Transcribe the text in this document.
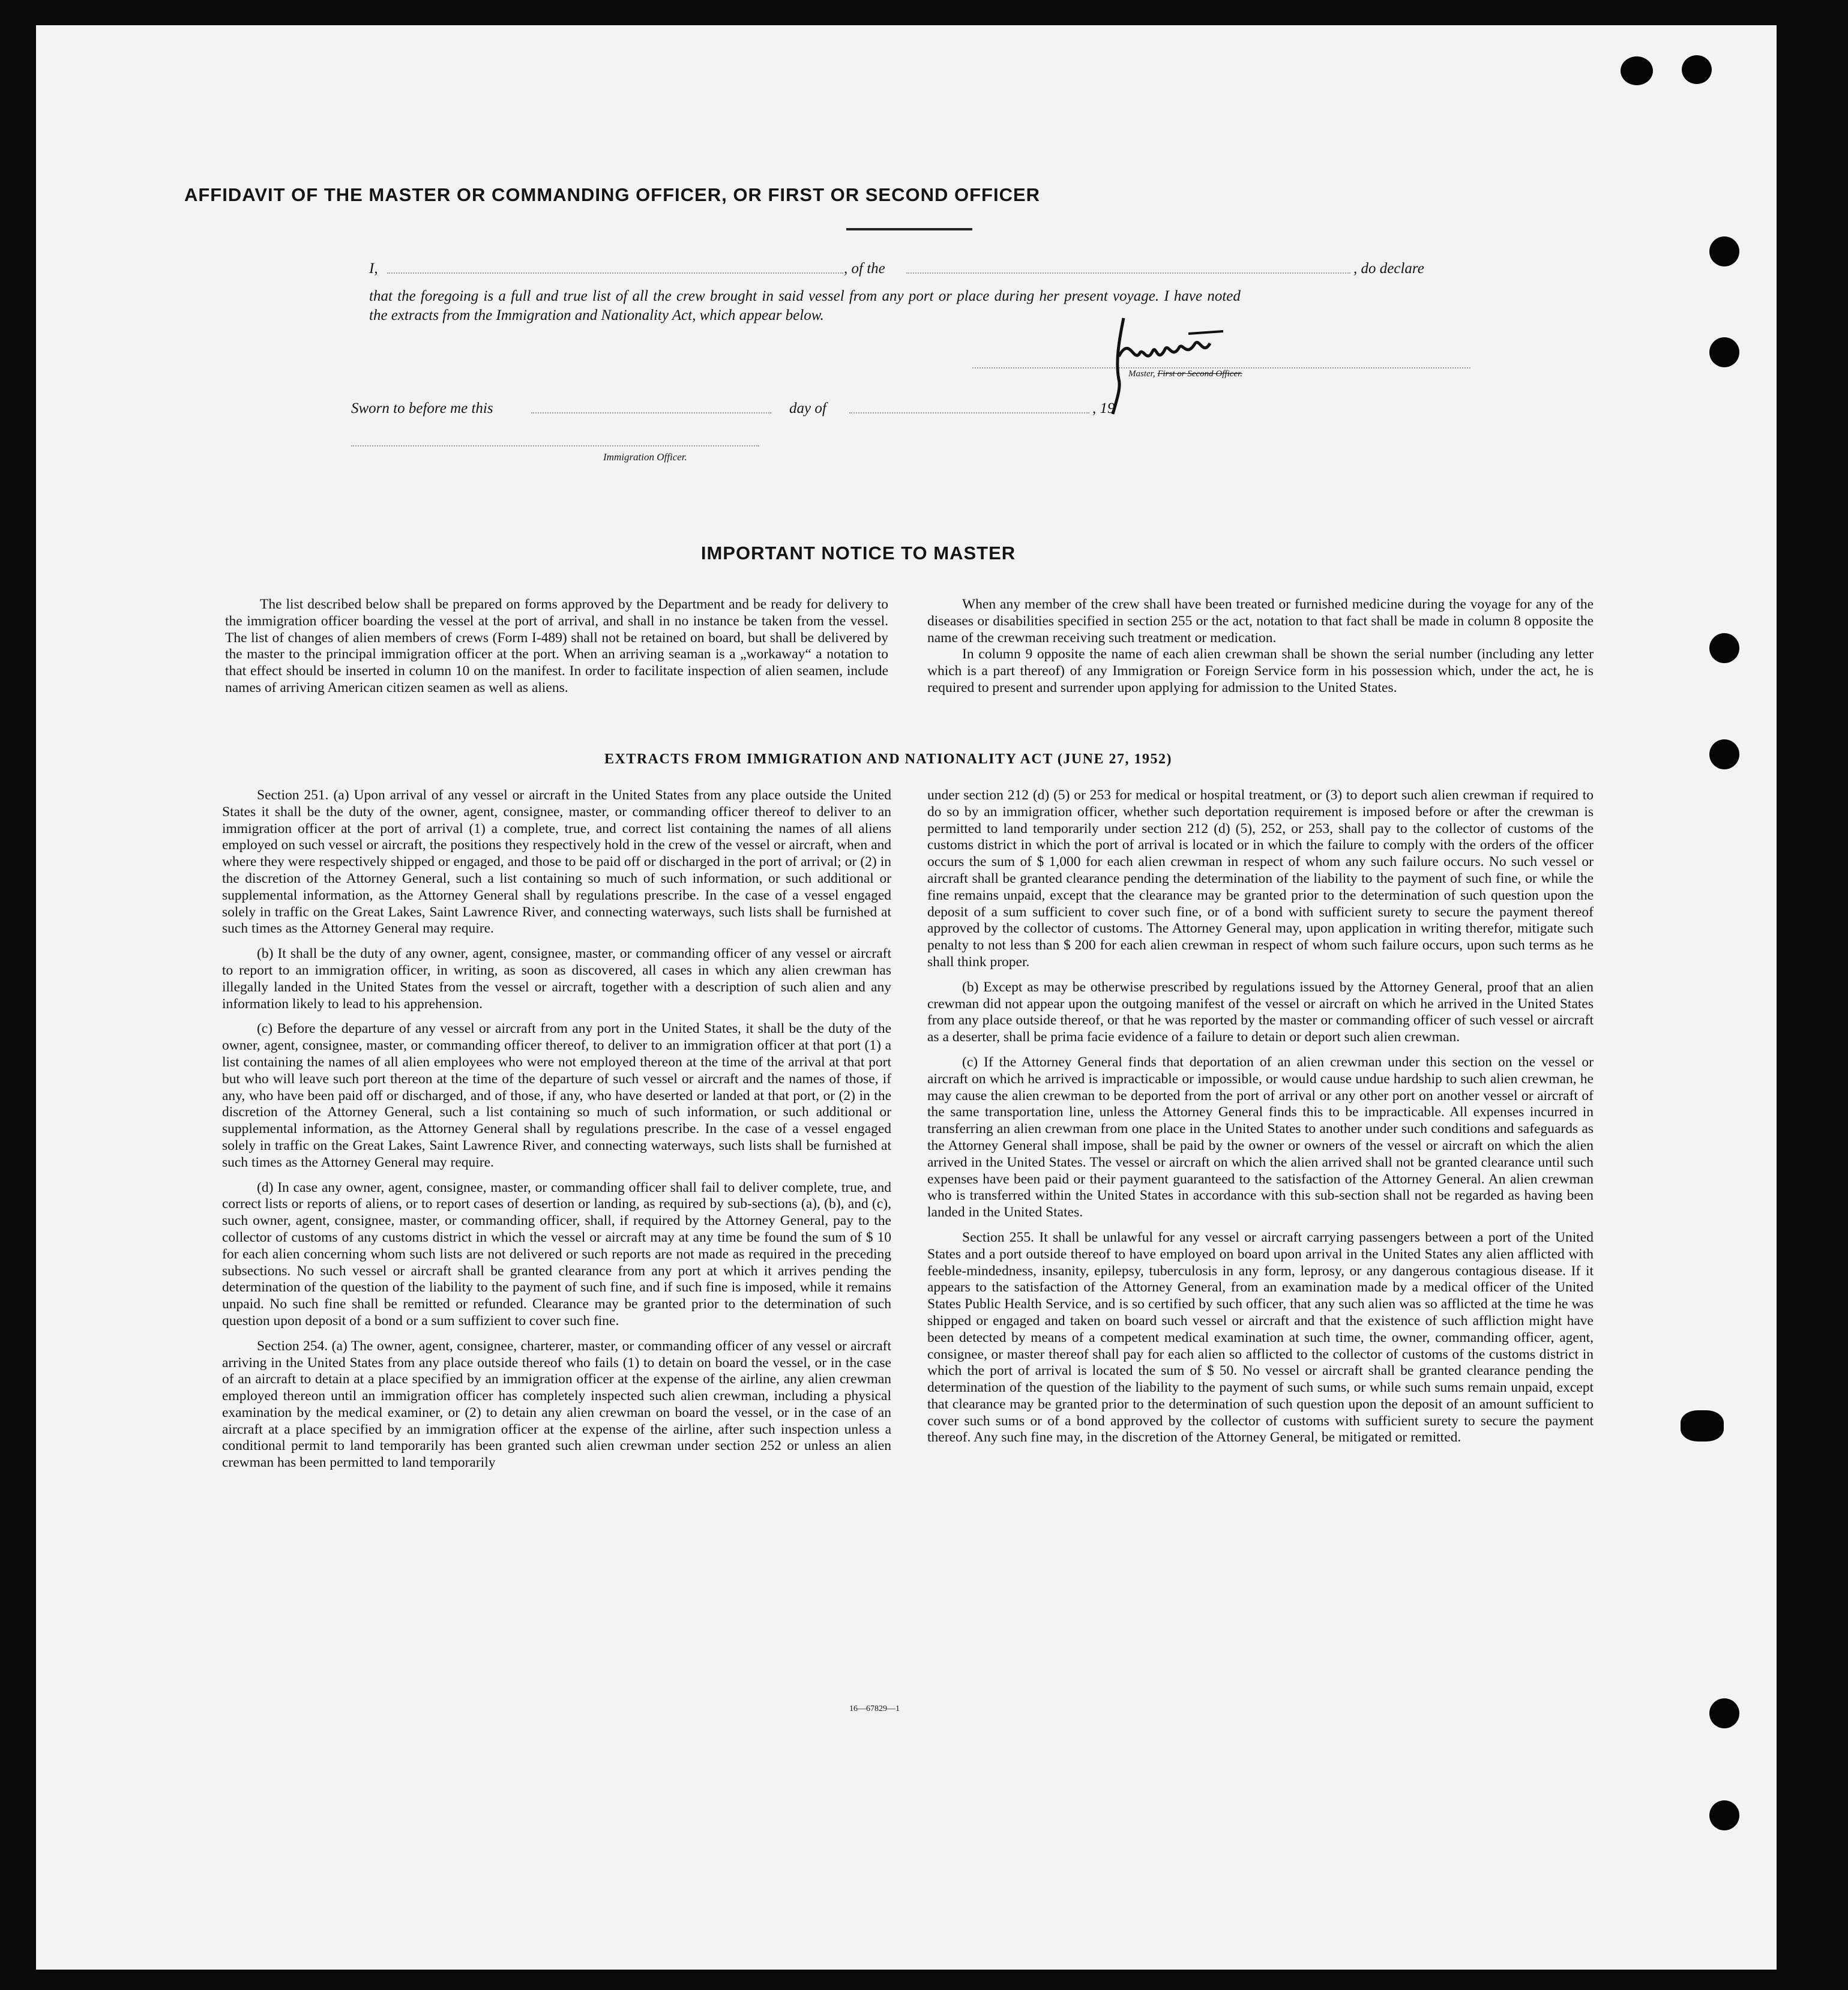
AFFIDAVIT OF THE MASTER OR COMMANDING OFFICER, OR FIRST OR SECOND OFFICER
I,	, of the	, do declare
that the foregoing is a full and true list of all the crew brought in said vessel from any port or place during her present voyage. I have noted
the extracts from the Immigration and Nationality Act, which appear below.
Master, First or Second Officer.
Sworn to before me this	day of	, 19
Immigration Officer.
IMPORTANT NOTICE TO MASTER

The list described below shall be prepared on forms approved by the Department and be ready for delivery to the immigration officer boarding the vessel at the port of arrival, and shall in no instance be taken from the vessel. The list of changes of alien members of crews (Form I-489) shall not be retained on board, but shall be delivered by the master to the principal immigration officer at the port. When an arriving seaman is a „workaway“ a notation to that effect should be inserted in column 10 on the manifest. In order to facilitate inspection of alien seamen, include names of arriving American citizen seamen as well as aliens.

When any member of the crew shall have been treated or furnished medicine during the voyage for any of the diseases or disabilities specified in section 255 or the act, notation to that fact shall be made in column 8 opposite the name of the crewman receiving such treatment or medication.

In column 9 opposite the name of each alien crewman shall be shown the serial number (including any letter which is a part thereof) of any Immigration or Foreign Service form in his possession which, under the act, he is required to present and surrender upon applying for admission to the United States.

EXTRACTS FROM IMMIGRATION AND NATIONALITY ACT (JUNE 27, 1952)

Section 251. (a) Upon arrival of any vessel or aircraft in the United States from any place outside the United States it shall be the duty of the owner, agent, consignee, master, or commanding officer thereof to deliver to an immigration officer at the port of arrival (1) a complete, true, and correct list containing the names of all aliens employed on such vessel or aircraft, the positions they respectively hold in the crew of the vessel or aircraft, when and where they were respectively shipped or engaged, and those to be paid off or discharged in the port of arrival; or (2) in the discretion of the Attorney General, such a list containing so much of such information, or such additional or supplemental information, as the Attorney General shall by regulations prescribe. In the case of a vessel engaged solely in traffic on the Great Lakes, Saint Lawrence River, and connecting waterways, such lists shall be furnished at such times as the Attorney General may require.

(b) It shall be the duty of any owner, agent, consignee, master, or commanding officer of any vessel or aircraft to report to an immigration officer, in writing, as soon as discovered, all cases in which any alien crewman has illegally landed in the United States from the vessel or aircraft, together with a description of such alien and any information likely to lead to his apprehension.

(c) Before the departure of any vessel or aircraft from any port in the United States, it shall be the duty of the owner, agent, consignee, master, or commanding officer thereof, to deliver to an immigration officer at that port (1) a list containing the names of all alien employees who were not employed thereon at the time of the arrival at that port but who will leave such port thereon at the time of the departure of such vessel or aircraft and the names of those, if any, who have been paid off or discharged, and of those, if any, who have deserted or landed at that port, or (2) in the discretion of the Attorney General, such a list containing so much of such information, or such additional or supplemental information, as the Attorney General shall by regulations prescribe. In the case of a vessel engaged solely in traffic on the Great Lakes, Saint Lawrence River, and connecting waterways, such lists shall be furnished at such times as the Attorney General may require.

(d) In case any owner, agent, consignee, master, or commanding officer shall fail to deliver complete, true, and correct lists or reports of aliens, or to report cases of desertion or landing, as required by sub-sections (a), (b), and (c), such owner, agent, consignee, master, or commanding officer, shall, if required by the Attorney General, pay to the collector of customs of any customs district in which the vessel or aircraft may at any time be found the sum of $ 10 for each alien concerning whom such lists are not delivered or such reports are not made as required in the preceding subsections. No such vessel or aircraft shall be granted clearance from any port at which it arrives pending the determination of the question of the liability to the payment of such fine, and if such fine is imposed, while it remains unpaid. No such fine shall be remitted or refunded. Clearance may be granted prior to the determination of such question upon deposit of a bond or a sum suffizient to cover such fine.

Section 254. (a) The owner, agent, consignee, charterer, master, or commanding officer of any vessel or aircraft arriving in the United States from any place outside thereof who fails (1) to detain on board the vessel, or in the case of an aircraft to detain at a place specified by an immigration officer at the expense of the airline, any alien crewman employed thereon until an immigration officer has completely inspected such alien crewman, including a physical examination by the medical examiner, or (2) to detain any alien crewman on board the vessel, or in the case of an aircraft at a place specified by an immigration officer at the expense of the airline, after such inspection unless a conditional permit to land temporarily has been granted such alien crewman under section 252 or unless an alien crewman has been permitted to land temporarily

under section 212 (d) (5) or 253 for medical or hospital treatment, or (3) to deport such alien crewman if required to do so by an immigration officer, whether such deportation requirement is imposed before or after the crewman is permitted to land temporarily under section 212 (d) (5), 252, or 253, shall pay to the collector of customs of the customs district in which the port of arrival is located or in which the failure to comply with the orders of the officer occurs the sum of $ 1,000 for each alien crewman in respect of whom any such failure occurs. No such vessel or aircraft shall be granted clearance pending the determination of the liability to the payment of such fine, or while the fine remains unpaid, except that the clearance may be granted prior to the determination of such question upon the deposit of a sum sufficient to cover such fine, or of a bond with sufficient surety to secure the payment thereof approved by the collector of customs. The Attorney General may, upon application in writing therefor, mitigate such penalty to not less than $ 200 for each alien crewman in respect of whom such failure occurs, upon such terms as he shall think proper.

(b) Except as may be otherwise prescribed by regulations issued by the Attorney General, proof that an alien crewman did not appear upon the outgoing manifest of the vessel or aircraft on which he arrived in the United States from any place outside thereof, or that he was reported by the master or commanding officer of such vessel or aircraft as a deserter, shall be prima facie evidence of a failure to detain or deport such alien crewman.

(c) If the Attorney General finds that deportation of an alien crewman under this section on the vessel or aircraft on which he arrived is impracticable or impossible, or would cause undue hardship to such alien crewman, he may cause the alien crewman to be deported from the port of arrival or any other port on another vessel or aircraft of the same transportation line, unless the Attorney General finds this to be impracticable. All expenses incurred in transferring an alien crewman from one place in the United States to another under such conditions and safeguards as the Attorney General shall impose, shall be paid by the owner or owners of the vessel or aircraft on which the alien arrived in the United States. The vessel or aircraft on which the alien arrived shall not be granted clearance until such expenses have been paid or their payment guaranteed to the satisfaction of the Attorney General. An alien crewman who is transferred within the United States in accordance with this sub-section shall not be regarded as having been landed in the United States.

Section 255. It shall be unlawful for any vessel or aircraft carrying passengers between a port of the United States and a port outside thereof to have employed on board upon arrival in the United States any alien afflicted with feeble-mindedness, insanity, epilepsy, tuberculosis in any form, leprosy, or any dangerous contagious disease. If it appears to the satisfaction of the Attorney General, from an examination made by a medical officer of the United States Public Health Service, and is so certified by such officer, that any such alien was so afflicted at the time he was shipped or engaged and taken on board such vessel or aircraft and that the existence of such affliction might have been detected by means of a competent medical examination at such time, the owner, commanding officer, agent, consignee, or master thereof shall pay for each alien so afflicted to the collector of customs of the customs district in which the port of arrival is located the sum of $ 50. No vessel or aircraft shall be granted clearance pending the determination of the question of the liability to the payment of such sums, or while such sums remain unpaid, except that clearance may be granted prior to the determination of such question upon the deposit of an amount sufficient to cover such sums or of a bond approved by the collector of customs with sufficient surety to secure the payment thereof. Any such fine may, in the discretion of the Attorney General, be mitigated or remitted.

16—67829—1
